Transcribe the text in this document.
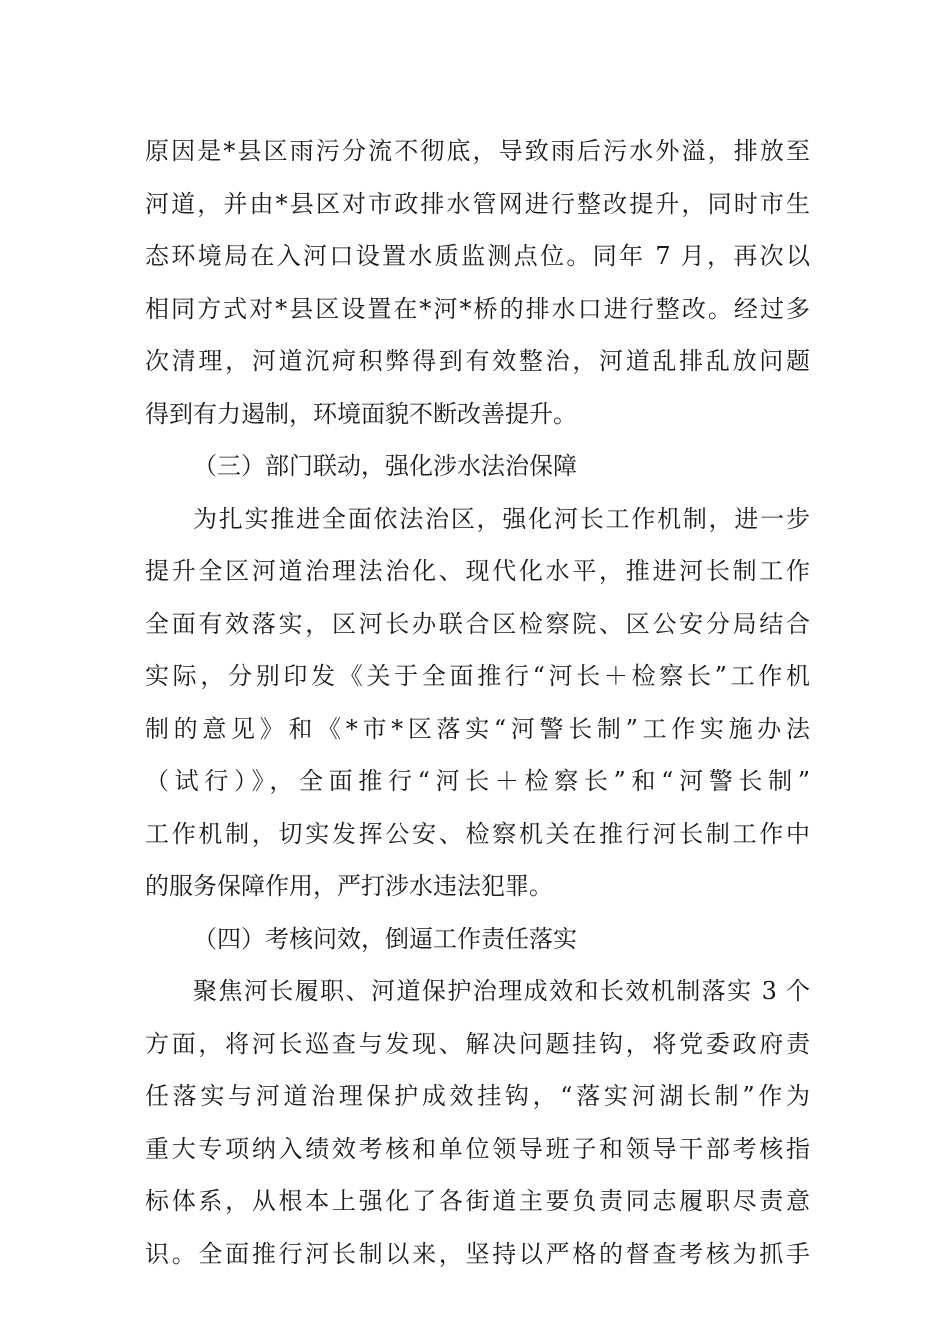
原因是*县区雨污分流不彻底，导致雨后污水外溢，排放至
河道，并由*县区对市政排水管网进行整改提升，同时市生
态环境局在入河口设置水质监测点位。同年 7 月，再次以
相同方式对*县区设置在*河*桥的排水口进行整改。经过多
次清理，河道沉疴积弊得到有效整治，河道乱排乱放问题
得到有力遏制，环境面貌不断改善提升。
（三）部门联动，强化涉水法治保障
为扎实推进全面依法治区，强化河长工作机制，进一步
提升全区河道治理法治化、现代化水平，推进河长制工作
全面有效落实，区河长办联合区检察院、区公安分局结合
实际，分别印发《关于全面推行“河长＋检察长”工作机
制的意见》和《*市*区落实“河警长制”工作实施办法
（试行）》，全面推行“河长＋检察长”和“河警长制”
工作机制，切实发挥公安、检察机关在推行河长制工作中
的服务保障作用，严打涉水违法犯罪。
（四）考核问效，倒逼工作责任落实
聚焦河长履职、河道保护治理成效和长效机制落实 3 个
方面，将河长巡查与发现、解决问题挂钩，将党委政府责
任落实与河道治理保护成效挂钩，“落实河湖长制”作为
重大专项纳入绩效考核和单位领导班子和领导干部考核指
标体系，从根本上强化了各街道主要负责同志履职尽责意
识。全面推行河长制以来，坚持以严格的督查考核为抓手
